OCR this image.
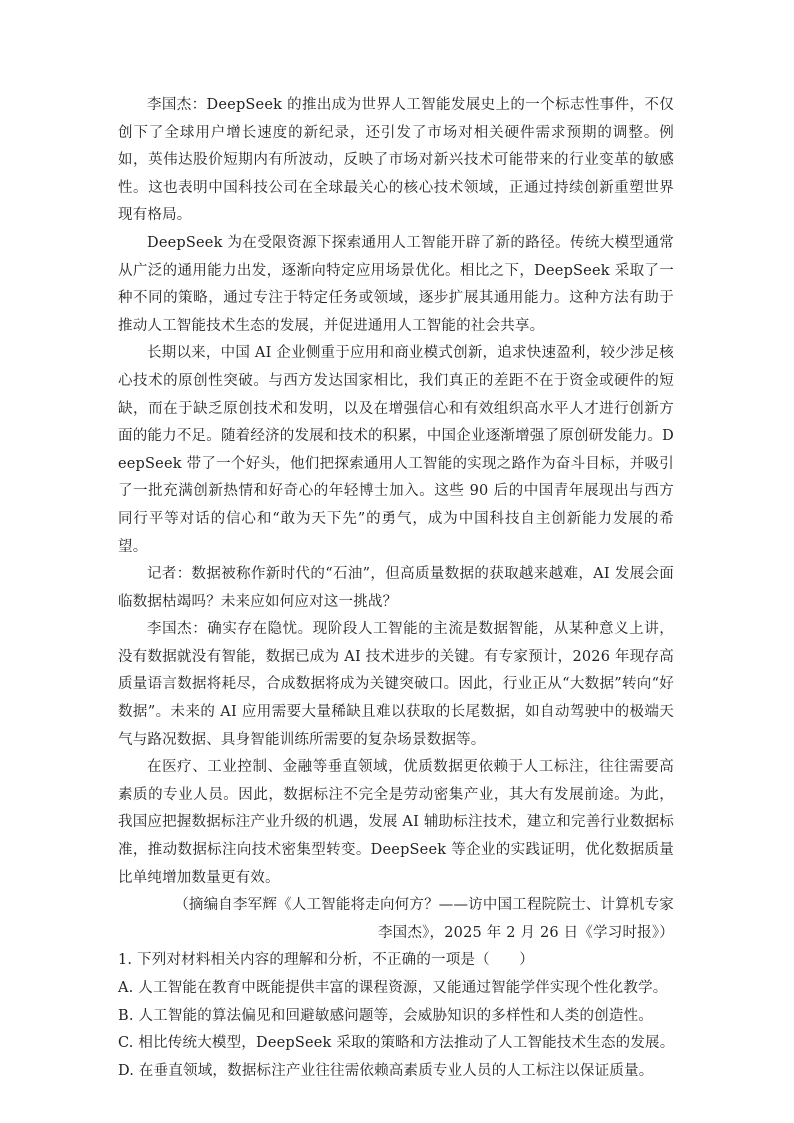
李国杰：DeepSeek 的推出成为世界人工智能发展史上的一个标志性事件，不仅创下了全球用户增长速度的新纪录，还引发了市场对相关硬件需求预期的调整。例如，英伟达股价短期内有所波动，反映了市场对新兴技术可能带来的行业变革的敏感性。这也表明中国科技公司在全球最关心的核心技术领域，正通过持续创新重塑世界现有格局。

DeepSeek 为在受限资源下探索通用人工智能开辟了新的路径。传统大模型通常从广泛的通用能力出发，逐渐向特定应用场景优化。相比之下，DeepSeek 采取了一种不同的策略，通过专注于特定任务或领域，逐步扩展其通用能力。这种方法有助于推动人工智能技术生态的发展，并促进通用人工智能的社会共享。

长期以来，中国 AI 企业侧重于应用和商业模式创新，追求快速盈利，较少涉足核心技术的原创性突破。与西方发达国家相比，我们真正的差距不在于资金或硬件的短缺，而在于缺乏原创技术和发明，以及在增强信心和有效组织高水平人才进行创新方面的能力不足。随着经济的发展和技术的积累，中国企业逐渐增强了原创研发能力。DeepSeek 带了一个好头，他们把探索通用人工智能的实现之路作为奋斗目标，并吸引了一批充满创新热情和好奇心的年轻博士加入。这些 90 后的中国青年展现出与西方同行平等对话的信心和“敢为天下先”的勇气，成为中国科技自主创新能力发展的希望。

记者：数据被称作新时代的“石油”，但高质量数据的获取越来越难，AI 发展会面临数据枯竭吗？未来应如何应对这一挑战？

李国杰：确实存在隐忧。现阶段人工智能的主流是数据智能，从某种意义上讲，没有数据就没有智能，数据已成为 AI 技术进步的关键。有专家预计，2026 年现存高质量语言数据将耗尽，合成数据将成为关键突破口。因此，行业正从“大数据”转向“好数据”。未来的 AI 应用需要大量稀缺且难以获取的长尾数据，如自动驾驶中的极端天气与路况数据、具身智能训练所需要的复杂场景数据等。

在医疗、工业控制、金融等垂直领域，优质数据更依赖于人工标注，往往需要高素质的专业人员。因此，数据标注不完全是劳动密集产业，其大有发展前途。为此，我国应把握数据标注产业升级的机遇，发展 AI 辅助标注技术，建立和完善行业数据标准，推动数据标注向技术密集型转变。DeepSeek 等企业的实践证明，优化数据质量比单纯增加数量更有效。

（摘编自李军辉《人工智能将走向何方？——访中国工程院院士、计算机专家李国杰》，2025 年 2 月 26 日《学习时报》）

1. 下列对材料相关内容的理解和分析，不正确的一项是（　　）

A. 人工智能在教育中既能提供丰富的课程资源，又能通过智能学伴实现个性化教学。

B. 人工智能的算法偏见和回避敏感问题等，会威胁知识的多样性和人类的创造性。

C. 相比传统大模型，DeepSeek 采取的策略和方法推动了人工智能技术生态的发展。

D. 在垂直领域，数据标注产业往往需依赖高素质专业人员的人工标注以保证质量。
